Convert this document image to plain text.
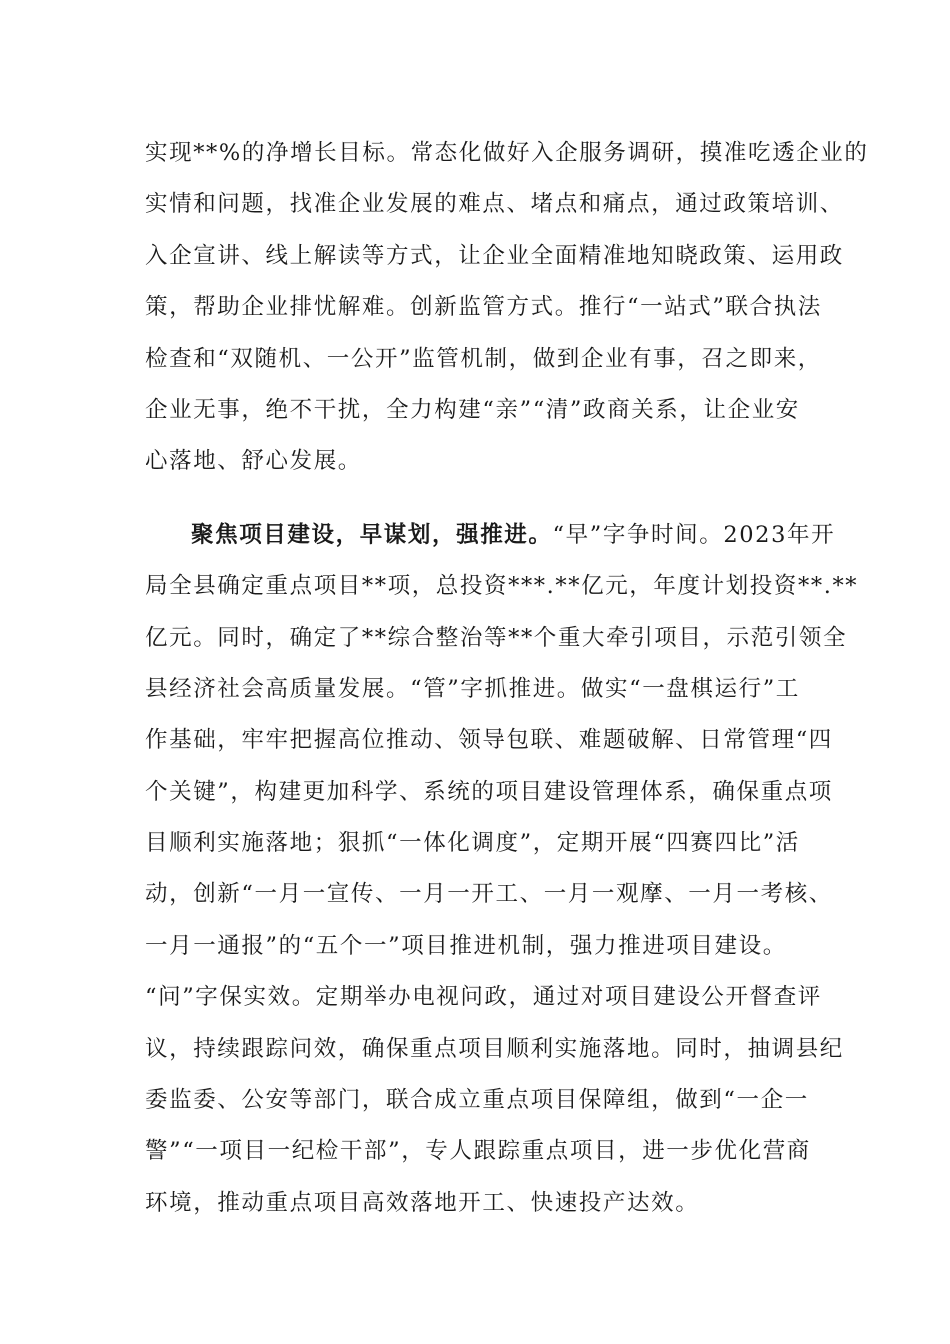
实现**%的净增长目标。常态化做好入企服务调研，摸准吃透企业的
实情和问题，找准企业发展的难点、堵点和痛点，通过政策培训、
入企宣讲、线上解读等方式，让企业全面精准地知晓政策、运用政
策，帮助企业排忧解难。创新监管方式。推行“一站式”联合执法
检查和“双随机、一公开”监管机制，做到企业有事，召之即来，
企业无事，绝不干扰，全力构建“亲”“清”政商关系，让企业安
心落地、舒心发展。
聚焦项目建设，早谋划，强推进。“早”字争时间。2023年开
局全县确定重点项目**项，总投资***.**亿元，年度计划投资**.**
亿元。同时，确定了**综合整治等**个重大牵引项目，示范引领全
县经济社会高质量发展。“管”字抓推进。做实“一盘棋运行”工
作基础，牢牢把握高位推动、领导包联、难题破解、日常管理“四
个关键”，构建更加科学、系统的项目建设管理体系，确保重点项
目顺利实施落地；狠抓“一体化调度”，定期开展“四赛四比”活
动，创新“一月一宣传、一月一开工、一月一观摩、一月一考核、
一月一通报”的“五个一”项目推进机制，强力推进项目建设。
“问”字保实效。定期举办电视问政，通过对项目建设公开督查评
议，持续跟踪问效，确保重点项目顺利实施落地。同时，抽调县纪
委监委、公安等部门，联合成立重点项目保障组，做到“一企一
警”“一项目一纪检干部”，专人跟踪重点项目，进一步优化营商
环境，推动重点项目高效落地开工、快速投产达效。
